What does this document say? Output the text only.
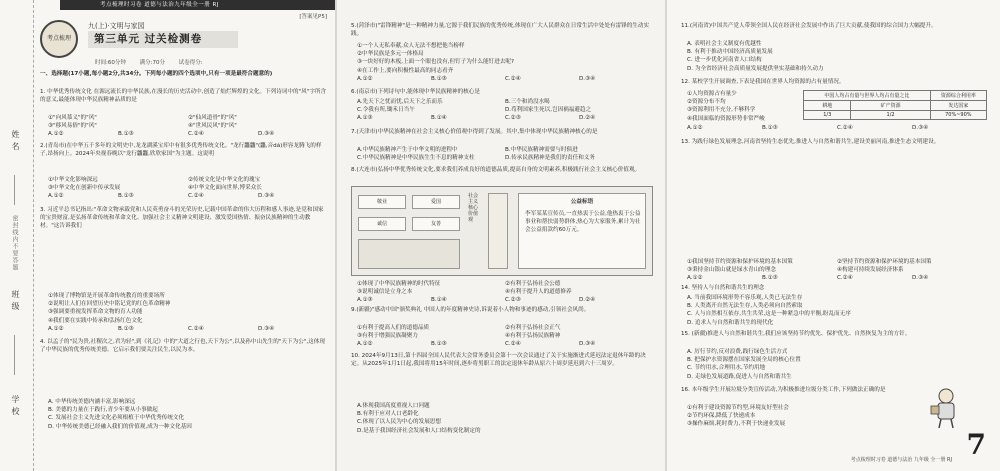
姓名
密封线内不要答题
班级
学校
考点梳理时习卷 道德与法治九年级全一册 RJ
[答案见P5]
考点梳理
九(上)·文明与家园
第三单元 过关检测卷
时间:60分钟	满分:70分	试卷得分:
一、选择题(17小题,每小题2分,共34分。下列每小题的四个选项中,只有一项是最符合题意的)
1. 中华优秀传统文化 在源远流长的中华民族,在漫长的历史活动中,创造了灿烂辉煌的文化。下列诗词中的"风"字所含的意义,最能体现中华民族精神品质的是
①"向风慕义"的"风"	②"仙风道骨"的"风"
③"移风易俗"的"风"	④"世风民风"的"风"
A.①②	B.①③	C.②④	D.③④
2.(青岛市)在中华五千多年的文明史中,龙龙湖溪宝库中有很多优秀传统文化。"龙行龘龘"(龘,音dá)形容龙腾飞的样子,昂扬向上。2024年央视春晚以"龙行龘龘,欣欣家国"为主题。这说明
①中华文化影响深远	②传统文化是中华文化的瑰宝
③中华文化在创新中传承发展	④中华文化面向世界,博采众长
A.①②	B.①③	C.②④	D.③④
3. 习近平总书记指出:"革命文物承载党和人民英勇奋斗的光荣历史,记载中国革命的伟大历程和感人事迹,是党和国家的宝贵财富,是弘扬革命传统和革命文化、加强社会主义精神文明建设、激发爱国热情、振奋民族精神的生动教材。"这告诉我们
①体现了博物馆是开展革命传统教育的重要场所
②说明让人们在回望历史中铭记党的红色革命精神
③强调要重视发挥革命文物的育人功能
④我们要在实践中传承和弘扬红色文化
A.①②	B.①③	C.②④	D.③④
4. 以孟子的"民为贵,社稷次之,君为轻",到《礼记》中的"大道之行也,天下为公",以及孙中山先生的"天下为公",这体现了中华民族的优秀传统美德。它启示我们要关注民生,以民为本。
A. 中华传统美德内涵丰富,影响深远
B. 美德的力量在于践行,青少年要从小事做起
C. 发展社会主义先进文化必须根植于中华优秀传统文化
D. 中华传统美德已经融入我们的价值观,成为一种文化基因
5.(菏泽市)"雷锋精神"是一种精神力量,它源于我们民族的优秀传统,体现在广大人民群众在日常生活中处处有雷锋的生动实践。
①一个人无私奉献,众人无法不想把他当榜样
②中华民族是多元一体格局
③一块好好的木板,上面一个眼也没有,但钉子为什么能钉进去呢?
④在工作上,要向积极性最高的同志看齐
A.①②	B.①③	C.②④	D.③④
6.(南京市)下列诗句中,能体现中华民族精神的核心是
A.先天下之忧而忧,后天下之乐而乐	B.三个和尚没水喝
C.令我有所,锄禾日当午	D.苟利国家生死以,岂因祸福避趋之
A.①③	B.①④	C.②③	D.②④
7.(天津市)中华民族精神在社会主义核心价值观中得到了发展。其中,集中体现中华民族精神核心的是
A.中华民族精神产生于中华文明的进程中	B.中华民族精神需要与时俱进
C.中华民族精神是中华民族生生不息的精神支柱	D.传承民族精神是我们的责任和义务
8.(大连市)弘扬中华优秀传统文化,要求我们养成良好的道德品质,提高自身的文明素养,积极践行社会主义核心价值观。
敬业	爱国
诚信	友善
社会主义核心价值观
公益标语
李军某某宣传员,一直热衷于公益,他热衷于公益事业和帮扶弱势群体,热心为大家服务,累计为社会公益捐款约60万元。
①体现了中华民族精神的时代特征	②有利于弘扬社会公德
③说明诚信是立身之本	④有利于提升人的道德修养
A.①③	B.①④	C.②③	D.②④
9.(新疆)"感动中国"颁奖典礼 中国人的年度精神史诗,诉说着小人物和事迹的感动,引领社会风尚。
①有利于提高人们的道德品质	②有利于弘扬社会正气
③有利于增强民族凝聚力	④有利于弘扬民族精神
A.①②	B.①③	C.②④	D.③④
10. 2024年9月13日,第十四届全国人民代表大会常务委员会第十一次会议通过了关于实施渐进式延迟法定退休年龄的决定。从2025年1月1日起,我国将用15年时间,逐步将男职工的法定退休年龄从原六十周岁延迟到六十三周岁。
A.体现我国高度重视人口问题
B.有利于应对人口老龄化
C.体现了以人民为中心的发展思想
D.是基于我国经济社会发展和人口结构变化制定的
11.(河南省)中国共产党人带领全国人民在经济社会发展中作出了巨大贡献,使我国的综合国力大幅提升。
A. 表明社会主义制度有优越性
B. 有利于推动中国经济高质量发展
C. 进一步优化河南省人口结构
D. 为全省经济社会高质量发展提供坚实基础和持久动力
12. 某校学生开展调查,下表是我国在世界人均资源的占有量情况。
①人均资源占有量少
②资源分布不均
③资源利用不充分,不够科学
④我国面临的资源形势非常严峻
中国人均占有量与世界人均占有量之比		资源综合利用率
耕地	矿产资源	发达国家
1/3	1/2	70%~90%
A.①②	B.①③	C.②④	D.③④
13. 为践行绿色发展理念,河南省坚持生态优先,推进人与自然和谐共生,建设美丽河南,推进生态文明建设。
①我国坚持节约资源和保护环境的基本国策	②坚持节约资源和保护环境的基本国策
③秉持金山银山就是绿水青山的理念	④构建可持续发展经济体系
A.①②	B.①③	C.②④	D.③④
14. 坚持人与自然和谐共生的理念
A. 当前我国环境形势不容乐观,人类已无法生存
B. 人类离开自然无法生存,人类必须向自然索取
C. 人与自然相互依存,共生共荣,这是一种紧急中的平衡,盼乱而无序
D. 追求人与自然和谐共生的现代化
15. (新疆)推进人与自然和谐共生,我们应该坚持节约优先、保护优先、自然恢复为主的方针。
A. 厉行节约,反对浪费,践行绿色生活方式
B. 把保护水资源摆在国家发展全局的核心位置
C. 节约用水,合理用水,节约用地
D. 走绿色发展道路,促进人与自然和谐共生
16. 本年级学生开展垃圾分类宣传活动,为积极推进垃圾分类工作,下列做法正确的是
①有利于建设资源节约型,环境友好型社会
②节约环保,降低了快递成本
③操作麻烦,耗时费力,不利于快递业发展
考点梳理时习卷 道德与法治 九年级 全一册 RJ 7
